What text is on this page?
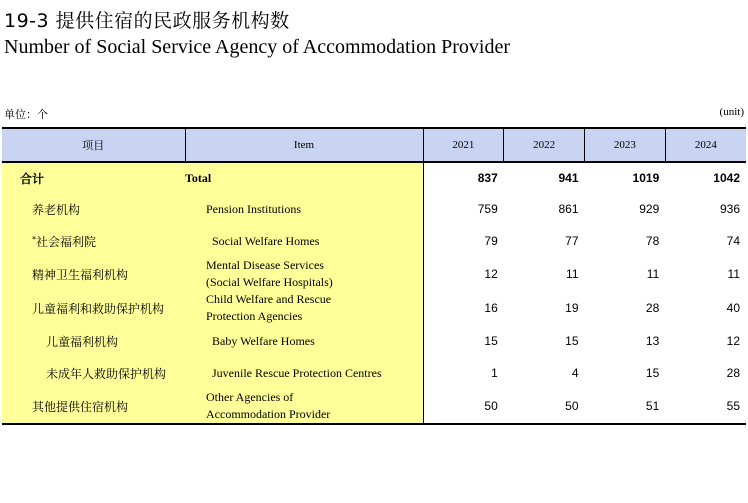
19-3 提供住宿的民政服务机构数
Number of Social Service Agency of Accommodation Provider
单位：个	(unit)
项目	Item	2021	2022	2023	2024
合计	Total	837	941	1019	1042
养老机构	Pension Institutions	759	861	929	936
*社会福利院	Social Welfare Homes	79	77	78	74
精神卫生福利机构	Mental Disease Services
(Social Welfare Hospitals)	12	11	11	11
儿童福利和救助保护机构	Child Welfare and Rescue
Protection Agencies	16	19	28	40
儿童福利机构	Baby Welfare Homes	15	15	13	12
未成年人救助保护机构	Juvenile Rescue Protection Centres	1	4	15	28
其他提供住宿机构	Other Agencies of
Accommodation Provider	50	50	51	55
